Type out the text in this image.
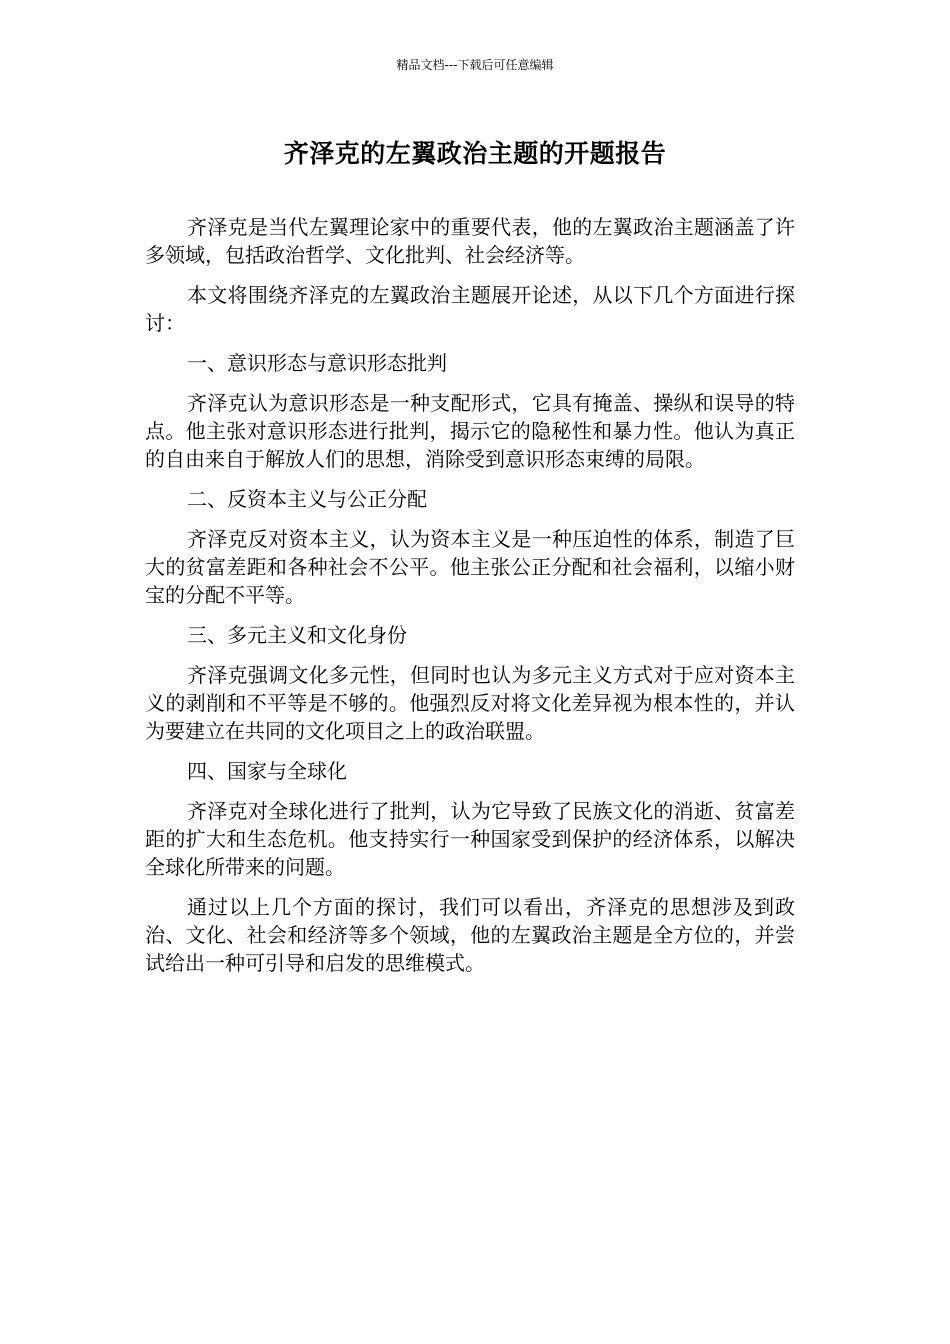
精品文档---下载后可任意编辑
齐泽克的左翼政治主题的开题报告

齐泽克是当代左翼理论家中的重要代表，他的左翼政治主题涵盖了许多领域，包括政治哲学、文化批判、社会经济等。

本文将围绕齐泽克的左翼政治主题展开论述，从以下几个方面进行探讨：

一、意识形态与意识形态批判

齐泽克认为意识形态是一种支配形式，它具有掩盖、操纵和误导的特点。他主张对意识形态进行批判，揭示它的隐秘性和暴力性。他认为真正的自由来自于解放人们的思想，消除受到意识形态束缚的局限。

二、反资本主义与公正分配

齐泽克反对资本主义，认为资本主义是一种压迫性的体系，制造了巨大的贫富差距和各种社会不公平。他主张公正分配和社会福利，以缩小财宝的分配不平等。

三、多元主义和文化身份

齐泽克强调文化多元性，但同时也认为多元主义方式对于应对资本主义的剥削和不平等是不够的。他强烈反对将文化差异视为根本性的，并认为要建立在共同的文化项目之上的政治联盟。

四、国家与全球化

齐泽克对全球化进行了批判，认为它导致了民族文化的消逝、贫富差距的扩大和生态危机。他支持实行一种国家受到保护的经济体系，以解决全球化所带来的问题。

通过以上几个方面的探讨，我们可以看出，齐泽克的思想涉及到政治、文化、社会和经济等多个领域，他的左翼政治主题是全方位的，并尝试给出一种可引导和启发的思维模式。
